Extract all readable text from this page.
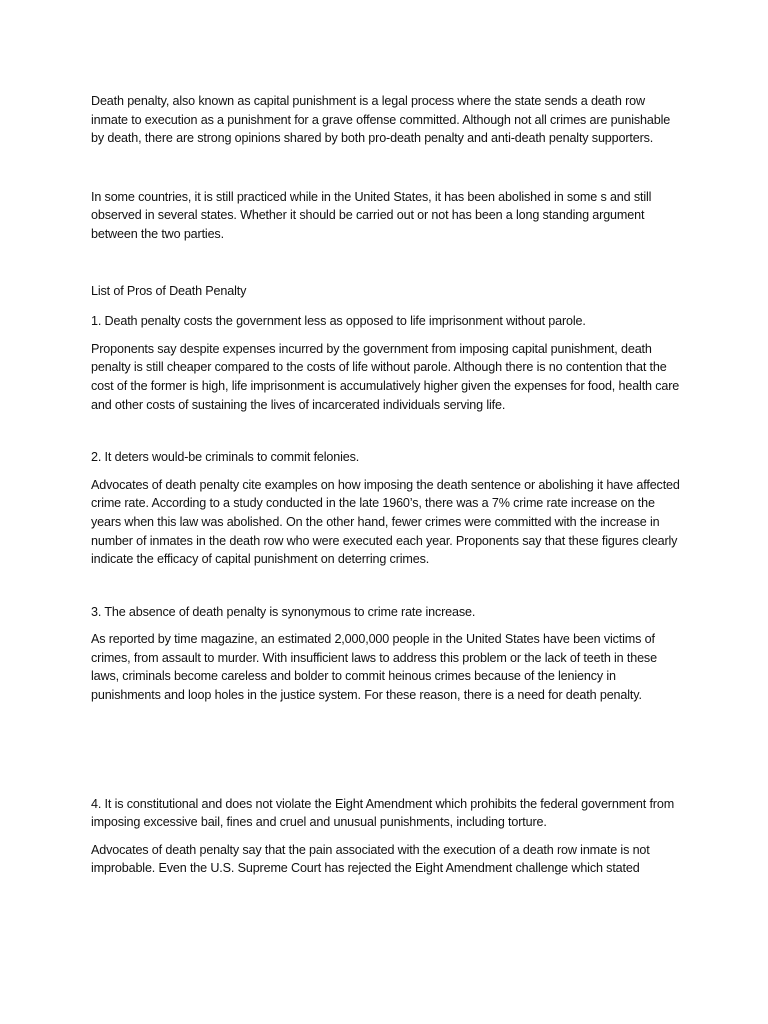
Death penalty, also known as capital punishment is a legal process where the state sends a death row inmate to execution as a punishment for a grave offense committed. Although not all crimes are punishable by death, there are strong opinions shared by both pro-death penalty and anti-death penalty supporters.

In some countries, it is still practiced while in the United States, it has been abolished in some s and still observed in several states. Whether it should be carried out or not has been a long standing argument between the two parties.

List of Pros of Death Penalty

1. Death penalty costs the government less as opposed to life imprisonment without parole.

Proponents say despite expenses incurred by the government from imposing capital punishment, death penalty is still cheaper compared to the costs of life without parole. Although there is no contention that the cost of the former is high, life imprisonment is accumulatively higher given the expenses for food, health care and other costs of sustaining the lives of incarcerated individuals serving life.

2. It deters would-be criminals to commit felonies.

Advocates of death penalty cite examples on how imposing the death sentence or abolishing it have affected crime rate. According to a study conducted in the late 1960’s, there was a 7% crime rate increase on the years when this law was abolished. On the other hand, fewer crimes were committed with the increase in number of inmates in the death row who were executed each year. Proponents say that these figures clearly indicate the efficacy of capital punishment on deterring crimes.

3. The absence of death penalty is synonymous to crime rate increase.

As reported by time magazine, an estimated 2,000,000 people in the United States have been victims of crimes, from assault to murder. With insufficient laws to address this problem or the lack of teeth in these laws, criminals become careless and bolder to commit heinous crimes because of the leniency in punishments and loop holes in the justice system. For these reason, there is a need for death penalty.

4. It is constitutional and does not violate the Eight Amendment which prohibits the federal government from imposing excessive bail, fines and cruel and unusual punishments, including torture.

Advocates of death penalty say that the pain associated with the execution of a death row inmate is not improbable. Even the U.S. Supreme Court has rejected the Eight Amendment challenge which stated
